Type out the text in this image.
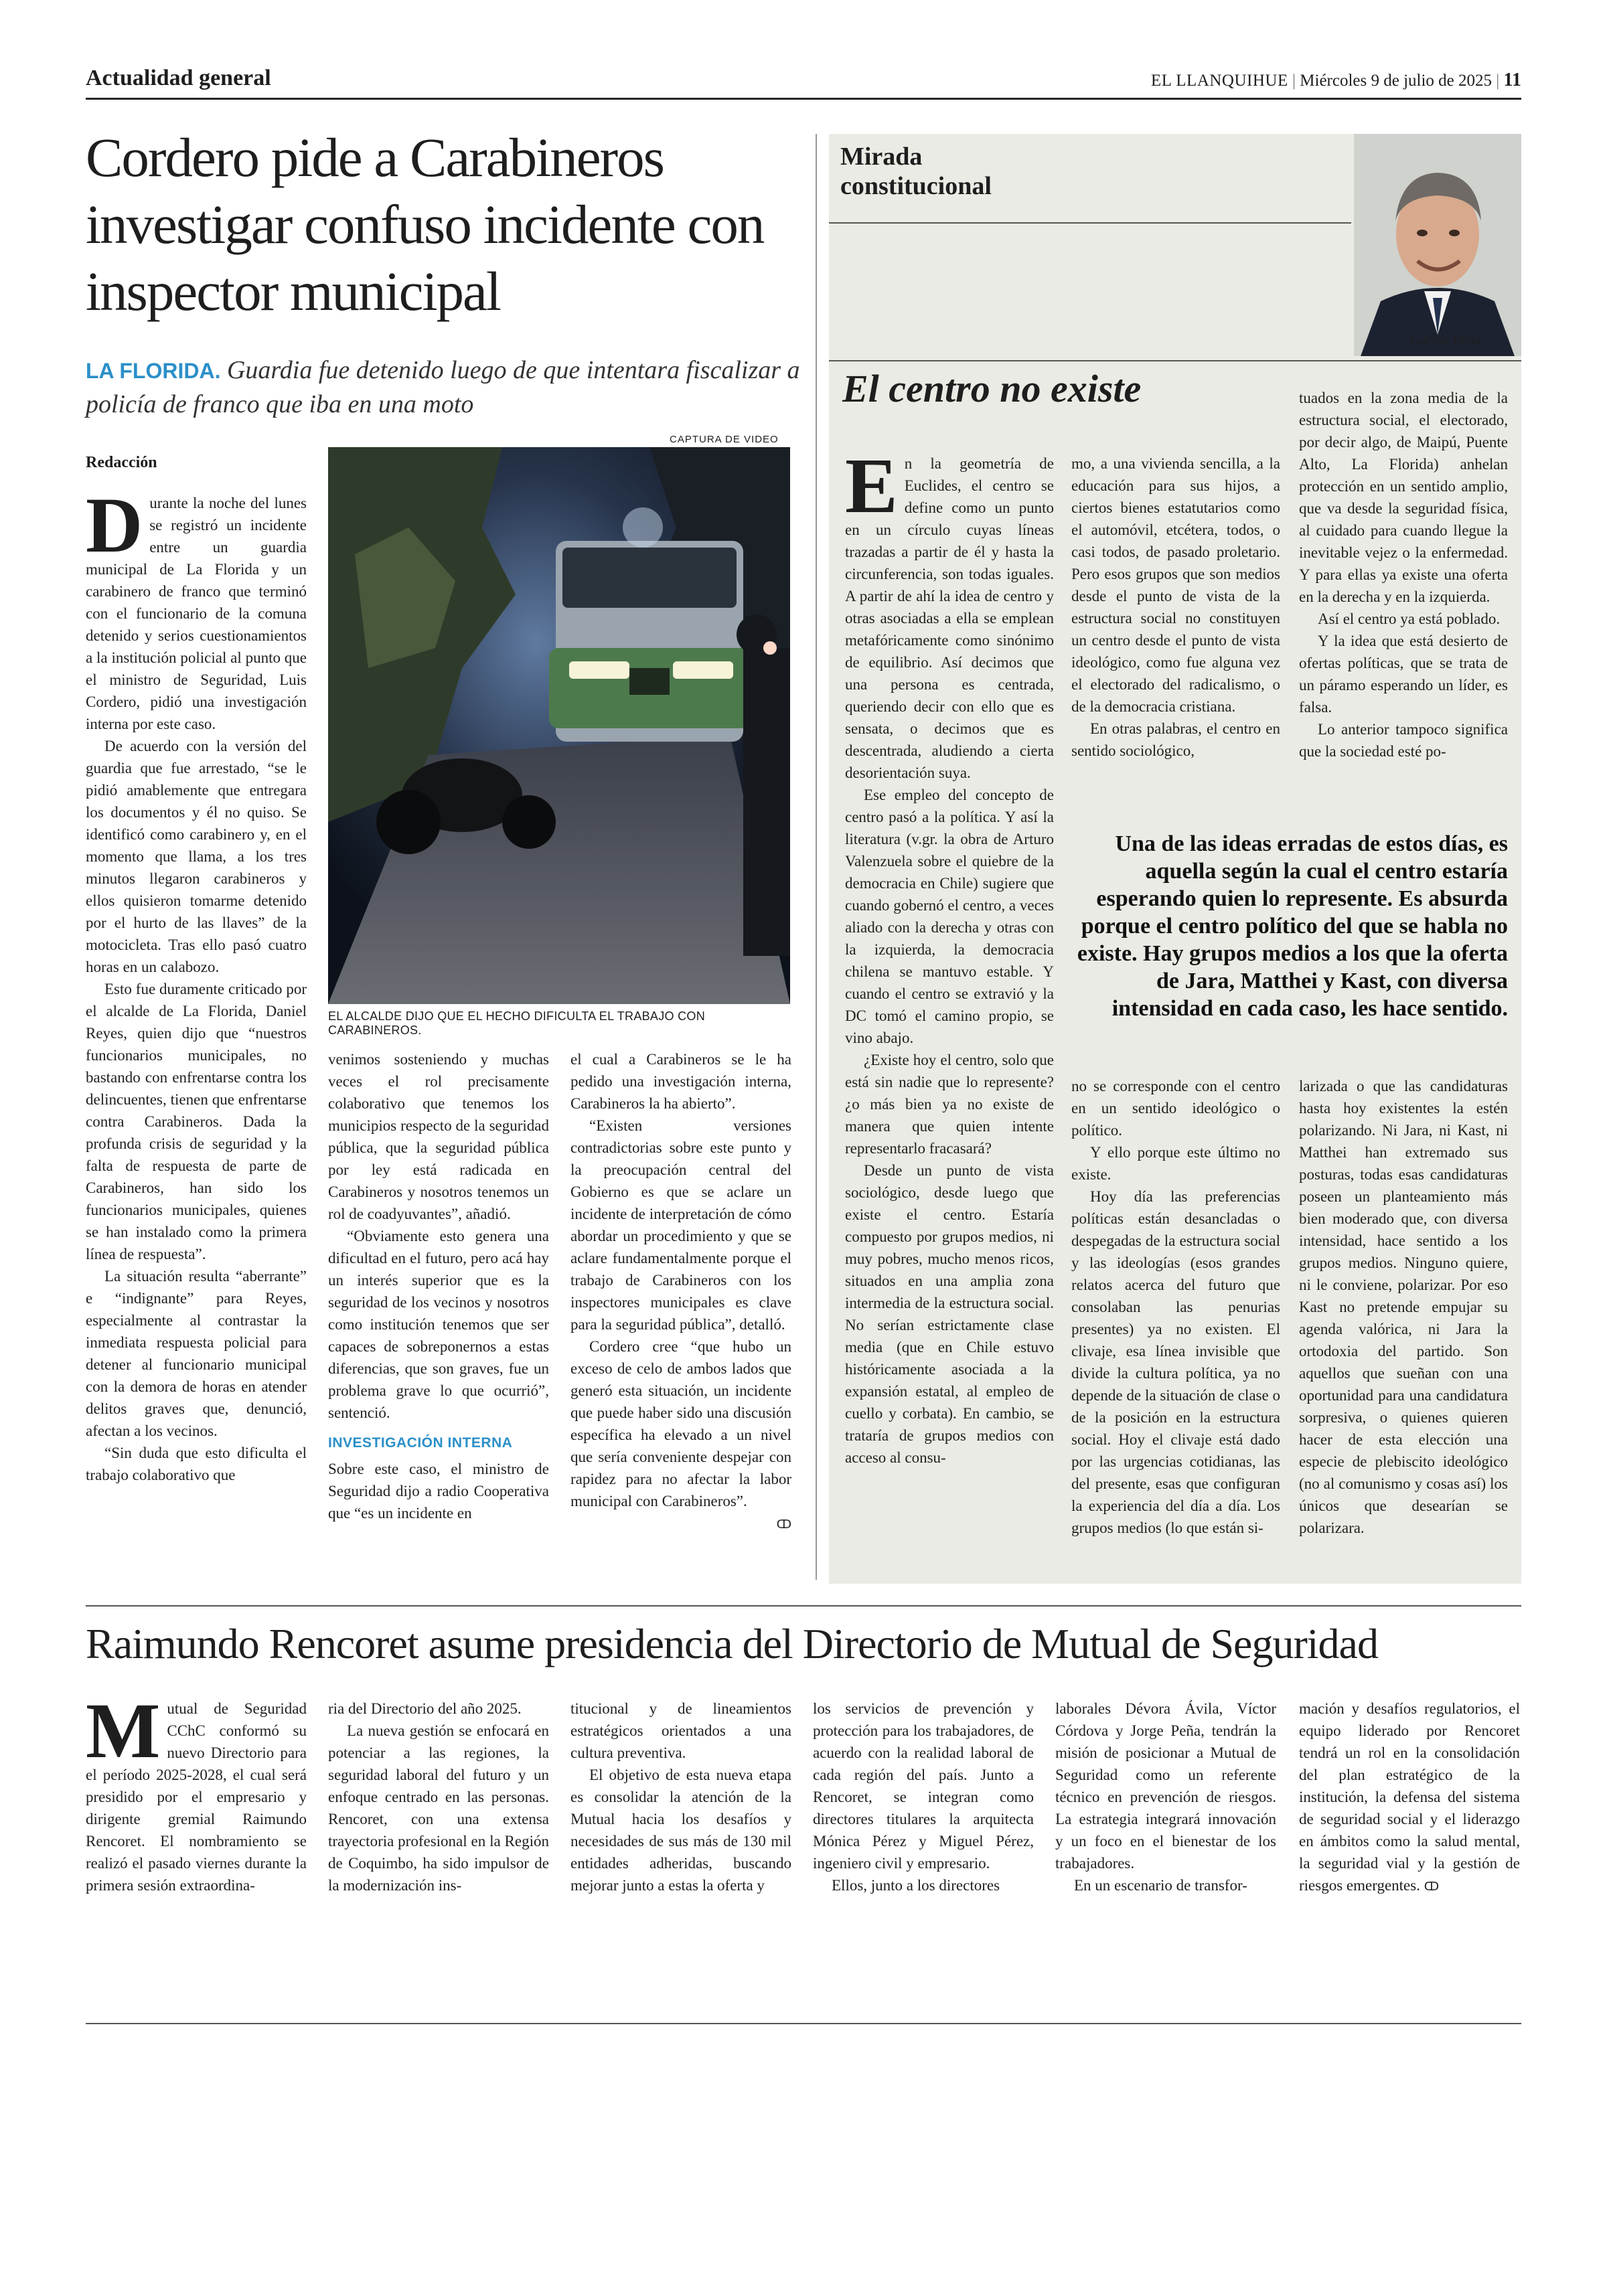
Actualidad general	EL LLANQUIHUE | Miércoles 9 de julio de 2025 | 11
Cordero pide a Carabineros investigar confuso incidente con inspector municipal
LA FLORIDA. Guardia fue detenido luego de que intentara fiscalizar a policía de franco que iba en una moto
Redacción
CAPTURA DE VIDEO
EL ALCALDE DIJO QUE EL HECHO DIFICULTA EL TRABAJO CON CARABINEROS.

Durante la noche del lunes se registró un incidente entre un guardia municipal de La Florida y un carabinero de franco que terminó con el funcionario de la comuna detenido y serios cuestionamientos a la institución policial al punto que el ministro de Seguridad, Luis Cordero, pidió una investigación interna por este caso.

De acuerdo con la versión del guardia que fue arrestado, “se le pidió amablemente que entregara los documentos y él no quiso. Se identificó como carabinero y, en el momento que llama, a los tres minutos llegaron carabineros y ellos quisieron tomarme detenido por el hurto de las llaves” de la motocicleta. Tras ello pasó cuatro horas en un calabozo.

Esto fue duramente criticado por el alcalde de La Florida, Daniel Reyes, quien dijo que “nuestros funcionarios municipales, no bastando con enfrentarse contra los delincuentes, tienen que enfrentarse contra Carabineros. Dada la profunda crisis de seguridad y la falta de respuesta de parte de Carabineros, han sido los funcionarios municipales, quienes se han instalado como la primera línea de respuesta”.

La situación resulta “aberrante” e “indignante” para Reyes, especialmente al contrastar la inmediata respuesta policial para detener al funcionario municipal con la demora de horas en atender delitos graves que, denunció, afectan a los vecinos.

“Sin duda que esto dificulta el trabajo colaborativo que

venimos sosteniendo y muchas veces el rol precisamente colaborativo que tenemos los municipios respecto de la seguridad pública, que la seguridad pública por ley está radicada en Carabineros y nosotros tenemos un rol de coadyuvantes”, añadió.

“Obviamente esto genera una dificultad en el futuro, pero acá hay un interés superior que es la seguridad de los vecinos y nosotros como institución tenemos que ser capaces de sobreponernos a estas diferencias, que son graves, fue un problema grave lo que ocurrió”, sentenció.

INVESTIGACIÓN INTERNA

Sobre este caso, el ministro de Seguridad dijo a radio Cooperativa que “es un incidente en

el cual a Carabineros se le ha pedido una investigación interna, Carabineros la ha abierto”.

“Existen versiones contradictorias sobre este punto y la preocupación central del Gobierno es que se aclare un incidente de interpretación de cómo abordar un procedimiento y que se aclare fundamentalmente porque el trabajo de Carabineros con los inspectores municipales es clave para la seguridad pública”, detalló.

Cordero cree “que hubo un exceso de celo de ambos lados que generó esta situación, un incidente que puede haber sido una discusión específica ha elevado a un nivel que sería conveniente despejar con rapidez para no afectar la labor municipal con Carabineros”.

ↀ

Mirada
constitucional
Carlos Peña
El centro no existe

En la geometría de Euclides, el centro se define como un punto en un círculo cuyas líneas trazadas a partir de él y hasta la circunferencia, son todas iguales. A partir de ahí la idea de centro y otras asociadas a ella se emplean metafóricamente como sinónimo de equilibrio. Así decimos que una persona es centrada, queriendo decir con ello que es sensata, o decimos que es descentrada, aludiendo a cierta desorientación suya.

Ese empleo del concepto de centro pasó a la política. Y así la literatura (v.gr. la obra de Arturo Valenzuela sobre el quiebre de la democracia en Chile) sugiere que cuando gobernó el centro, a veces aliado con la derecha y otras con la izquierda, la democracia chilena se mantuvo estable. Y cuando el centro se extravió y la DC tomó el camino propio, se vino abajo.

¿Existe hoy el centro, solo que está sin nadie que lo represente? ¿o más bien ya no existe de manera que quien intente representarlo fracasará?

Desde un punto de vista sociológico, desde luego que existe el centro. Estaría compuesto por grupos medios, ni muy pobres, mucho menos ricos, situados en una amplia zona intermedia de la estructura social. No serían estrictamente clase media (que en Chile estuvo históricamente asociada a la expansión estatal, al empleo de cuello y corbata). En cambio, se trataría de grupos medios con acceso al consu-

mo, a una vivienda sencilla, a la educación para sus hijos, a ciertos bienes estatutarios como el automóvil, etcétera, todos, o casi todos, de pasado proletario. Pero esos grupos que son medios desde el punto de vista de la estructura social no constituyen un centro desde el punto de vista ideológico, como fue alguna vez el electorado del radicalismo, o de la democracia cristiana.

En otras palabras, el centro en sentido sociológico,

tuados en la zona media de la estructura social, el electorado, por decir algo, de Maipú, Puente Alto, La Florida) anhelan protección en un sentido amplio, que va desde la seguridad física, al cuidado para cuando llegue la inevitable vejez o la enfermedad. Y para ellas ya existe una oferta en la derecha y en la izquierda.

Así el centro ya está poblado.

Y la idea que está desierto de ofertas políticas, que se trata de un páramo esperando un líder, es falsa.

Lo anterior tampoco significa que la sociedad esté po-

Una de las ideas erradas de estos días, es aquella según la cual el centro estaría esperando quien lo represente. Es absurda porque el centro político del que se habla no existe. Hay grupos medios a los que la oferta de Jara, Matthei y Kast, con diversa intensidad en cada caso, les hace sentido.

no se corresponde con el centro en un sentido ideológico o político.

Y ello porque este último no existe.

Hoy día las preferencias políticas están desancladas o despegadas de la estructura social y las ideologías (esos grandes relatos acerca del futuro que consolaban las penurias presentes) ya no existen. El clivaje, esa línea invisible que divide la cultura política, ya no depende de la situación de clase o de la posición en la estructura social. Hoy el clivaje está dado por las urgencias cotidianas, las del presente, esas que configuran la experiencia del día a día. Los grupos medios (lo que están si-

larizada o que las candidaturas hasta hoy existentes la estén polarizando. Ni Jara, ni Kast, ni Matthei han extremado sus posturas, todas esas candidaturas poseen un planteamiento más bien moderado que, con diversa intensidad, hace sentido a los grupos medios. Ninguno quiere, ni le conviene, polarizar. Por eso Kast no pretende empujar su agenda valórica, ni Jara la ortodoxia del partido. Son aquellos que sueñan con una oportunidad para una candidatura sorpresiva, o quienes quieren hacer de esta elección una especie de plebiscito ideológico (no al comunismo y cosas así) los únicos que desearían se polarizara.

Raimundo Rencoret asume presidencia del Directorio de Mutual de Seguridad

Mutual de Seguridad CChC conformó su nuevo Directorio para el período 2025-2028, el cual será presidido por el empresario y dirigente gremial Raimundo Rencoret. El nombramiento se realizó el pasado viernes durante la primera sesión extraordina-

ria del Directorio del año 2025.

La nueva gestión se enfocará en potenciar a las regiones, la seguridad laboral del futuro y un enfoque centrado en las personas. Rencoret, con una extensa trayectoria profesional en la Región de Coquimbo, ha sido impulsor de la modernización ins-

titucional y de lineamientos estratégicos orientados a una cultura preventiva.

El objetivo de esta nueva etapa es consolidar la atención de la Mutual hacia los desafíos y necesidades de sus más de 130 mil entidades adheridas, buscando mejorar junto a estas la oferta y

los servicios de prevención y protección para los trabajadores, de acuerdo con la realidad laboral de cada región del país. Junto a Rencoret, se integran como directores titulares la arquitecta Mónica Pérez y Miguel Pérez, ingeniero civil y empresario.

Ellos, junto a los directores

laborales Dévora Ávila, Víctor Córdova y Jorge Peña, tendrán la misión de posicionar a Mutual de Seguridad como un referente técnico en prevención de riesgos. La estrategia integrará innovación y un foco en el bienestar de los trabajadores.

En un escenario de transfor-

mación y desafíos regulatorios, el equipo liderado por Rencoret tendrá un rol en la consolidación del plan estratégico de la institución, la defensa del sistema de seguridad social y el liderazgo en ámbitos como la salud mental, la seguridad vial y la gestión de riesgos emergentes. ↀ
